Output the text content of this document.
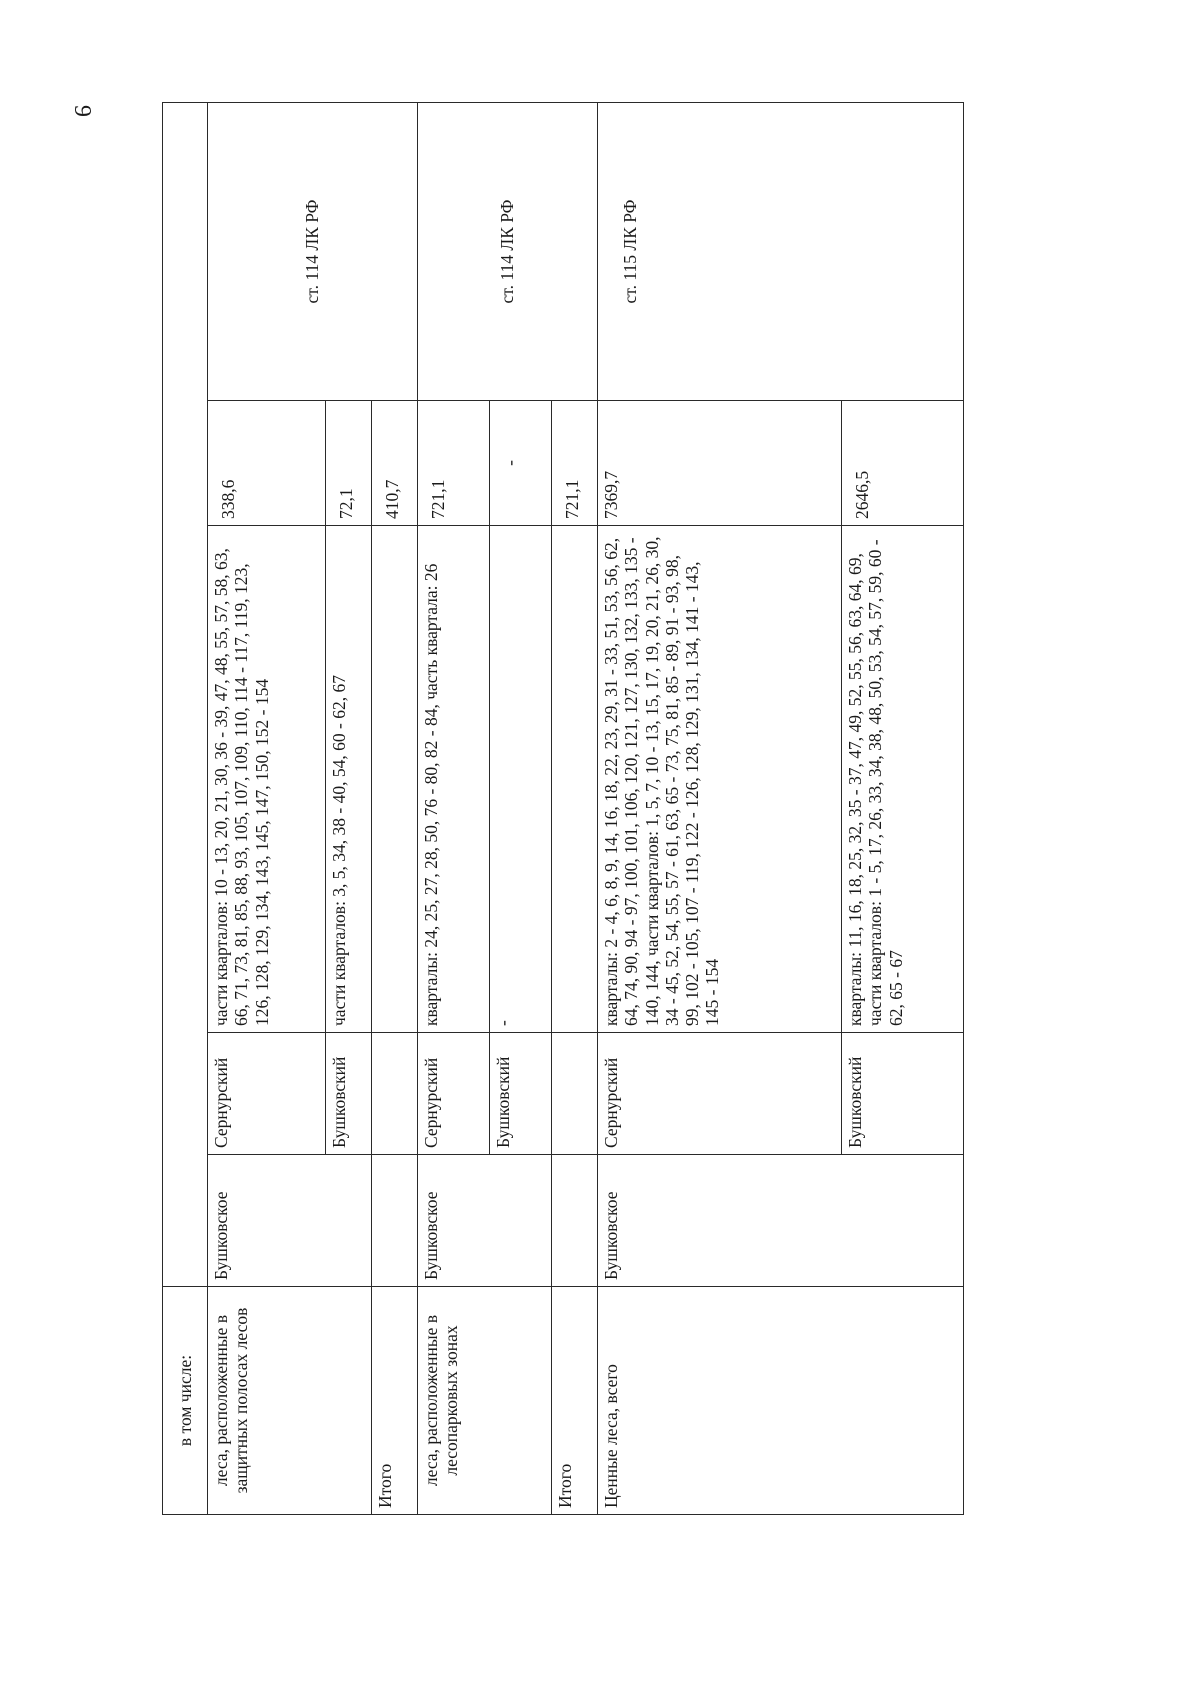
9
в том числе:					
леса, расположенные в защитных полосах лесов	Бушковское	Сернурский	части кварталов: 10 - 13, 20, 21, 30, 36 - 39, 47, 48, 55, 57, 58, 63, 66, 71, 73, 81, 85, 88, 93, 105, 107, 109, 110, 114 - 117, 119, 123, 126, 128, 129, 134, 143, 145, 147, 150, 152 - 154	338,6	ст. 114 ЛК РФ
		Бушковский	части кварталов: 3, 5, 34, 38 - 40, 54, 60 - 62, 67	72,1	
Итого				410,7	
леса, расположенные в лесопарковых зонах	Бушковское	Сернурский	кварталы: 24, 25, 27, 28, 50, 76 - 80, 82 - 84, часть квартала: 26	721,1	ст. 114 ЛК РФ
		Бушковский	-	-	
Итого				721,1	
Ценные леса, всего	Бушковское	Сернурский	кварталы: 2 - 4, 6, 8, 9, 14, 16, 18, 22, 23, 29, 31 - 33, 51, 53, 56, 62, 64, 74, 90, 94 - 97, 100, 101, 106, 120, 121, 127, 130, 132, 133, 135 - 140, 144, части кварталов: 1, 5, 7, 10 - 13, 15, 17, 19, 20, 21, 26, 30, 34 - 45, 52, 54, 55, 57 - 61, 63, 65 - 73, 75, 81, 85 - 89, 91 - 93, 98, 99, 102 - 105, 107 - 119, 122 - 126, 128, 129, 131, 134, 141 - 143, 145 - 154	7369,7	ст. 115 ЛК РФ
		Бушковский	кварталы: 11, 16, 18, 25, 32, 35 - 37, 47, 49, 52, 55, 56, 63, 64, 69, части кварталов: 1 - 5, 17, 26, 33, 34, 38, 48, 50, 53, 54, 57, 59, 60 - 62, 65 - 67	2646,5	
